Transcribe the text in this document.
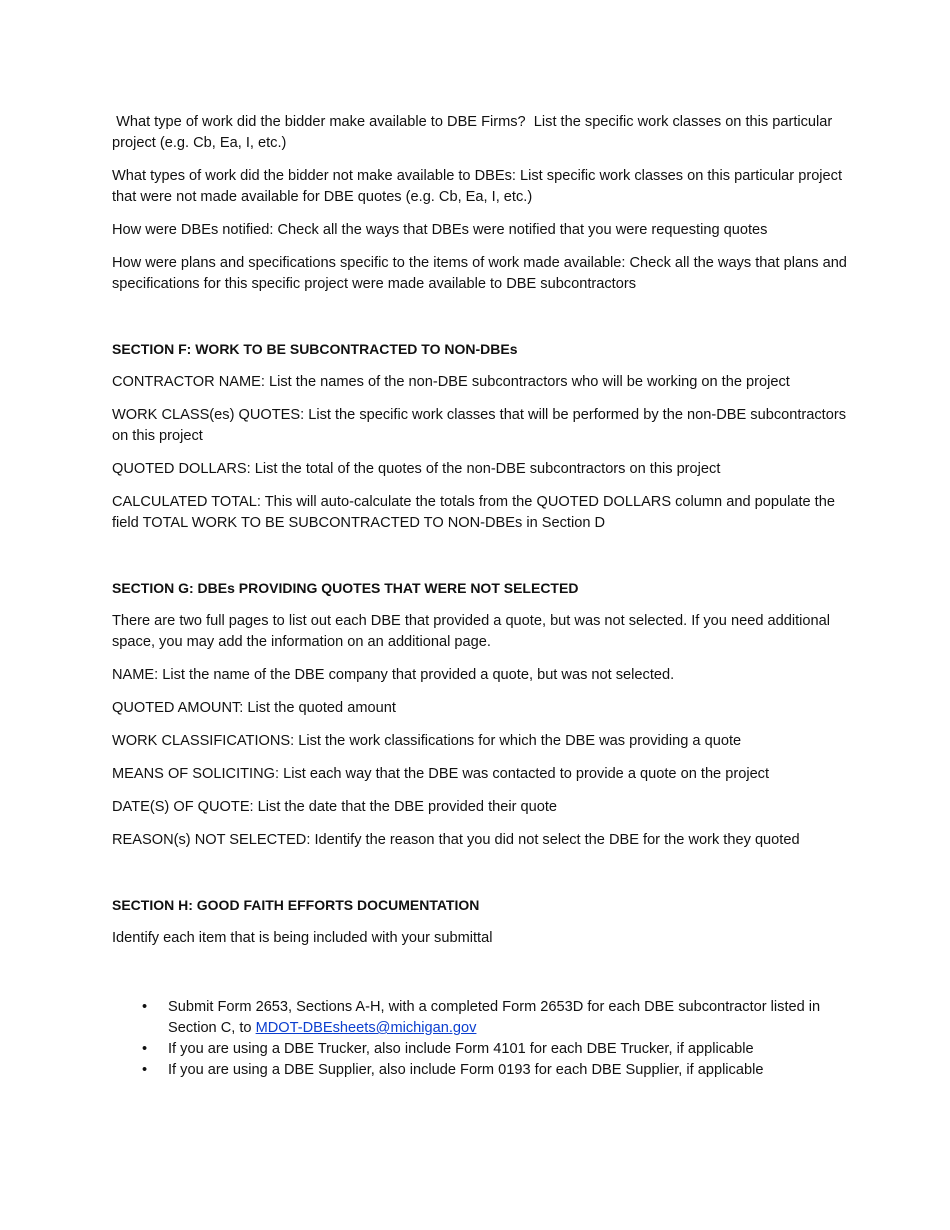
What type of work did the bidder make available to DBE Firms?  List the specific work classes on this particular project (e.g. Cb, Ea, I, etc.)

What types of work did the bidder not make available to DBEs: List specific work classes on this particular project that were not made available for DBE quotes (e.g. Cb, Ea, I, etc.)

How were DBEs notified: Check all the ways that DBEs were notified that you were requesting quotes

How were plans and specifications specific to the items of work made available: Check all the ways that plans and specifications for this specific project were made available to DBE subcontractors

SECTION F: WORK TO BE SUBCONTRACTED TO NON-DBEs

CONTRACTOR NAME: List the names of the non-DBE subcontractors who will be working on the project

WORK CLASS(es) QUOTES: List the specific work classes that will be performed by the non-DBE subcontractors on this project

QUOTED DOLLARS: List the total of the quotes of the non-DBE subcontractors on this project

CALCULATED TOTAL: This will auto-calculate the totals from the QUOTED DOLLARS column and populate the field TOTAL WORK TO BE SUBCONTRACTED TO NON-DBEs in Section D

SECTION G: DBEs PROVIDING QUOTES THAT WERE NOT SELECTED

There are two full pages to list out each DBE that provided a quote, but was not selected. If you need additional space, you may add the information on an additional page.

NAME: List the name of the DBE company that provided a quote, but was not selected.

QUOTED AMOUNT: List the quoted amount

WORK CLASSIFICATIONS: List the work classifications for which the DBE was providing a quote

MEANS OF SOLICITING: List each way that the DBE was contacted to provide a quote on the project

DATE(S) OF QUOTE: List the date that the DBE provided their quote

REASON(s) NOT SELECTED: Identify the reason that you did not select the DBE for the work they quoted

SECTION H: GOOD FAITH EFFORTS DOCUMENTATION

Identify each item that is being included with your submittal

• Submit Form 2653, Sections A-H, with a completed Form 2653D for each DBE subcontractor listed in Section C, to MDOT-DBEsheets@michigan.gov
• If you are using a DBE Trucker, also include Form 4101 for each DBE Trucker, if applicable
• If you are using a DBE Supplier, also include Form 0193 for each DBE Supplier, if applicable
